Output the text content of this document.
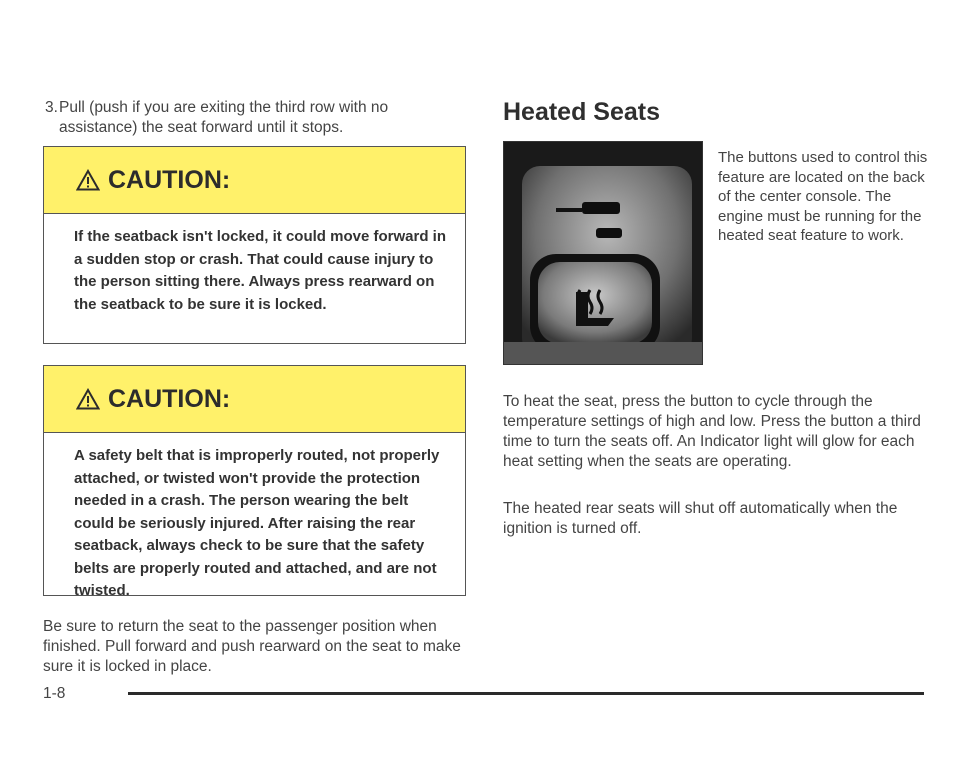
3. Pull (push if you are exiting the third row with no assistance) the seat forward until it stops.
CAUTION:
If the seatback isn't locked, it could move forward in a sudden stop or crash. That could cause injury to the person sitting there. Always press rearward on the seatback to be sure it is locked.
CAUTION:
A safety belt that is improperly routed, not properly attached, or twisted won't provide the protection needed in a crash. The person wearing the belt could be seriously injured. After raising the rear seatback, always check to be sure that the safety belts are properly routed and attached, and are not twisted.

Be sure to return the seat to the passenger position when finished. Pull forward and push rearward on the seat to make sure it is locked in place.

Heated Seats
The buttons used to control this feature are located on the back of the center console. The engine must be running for the heated seat feature to work.

To heat the seat, press the button to cycle through the temperature settings of high and low. Press the button a third time to turn the seats off. An Indicator light will glow for each heat setting when the seats are operating.

The heated rear seats will shut off automatically when the ignition is turned off.

1-8
